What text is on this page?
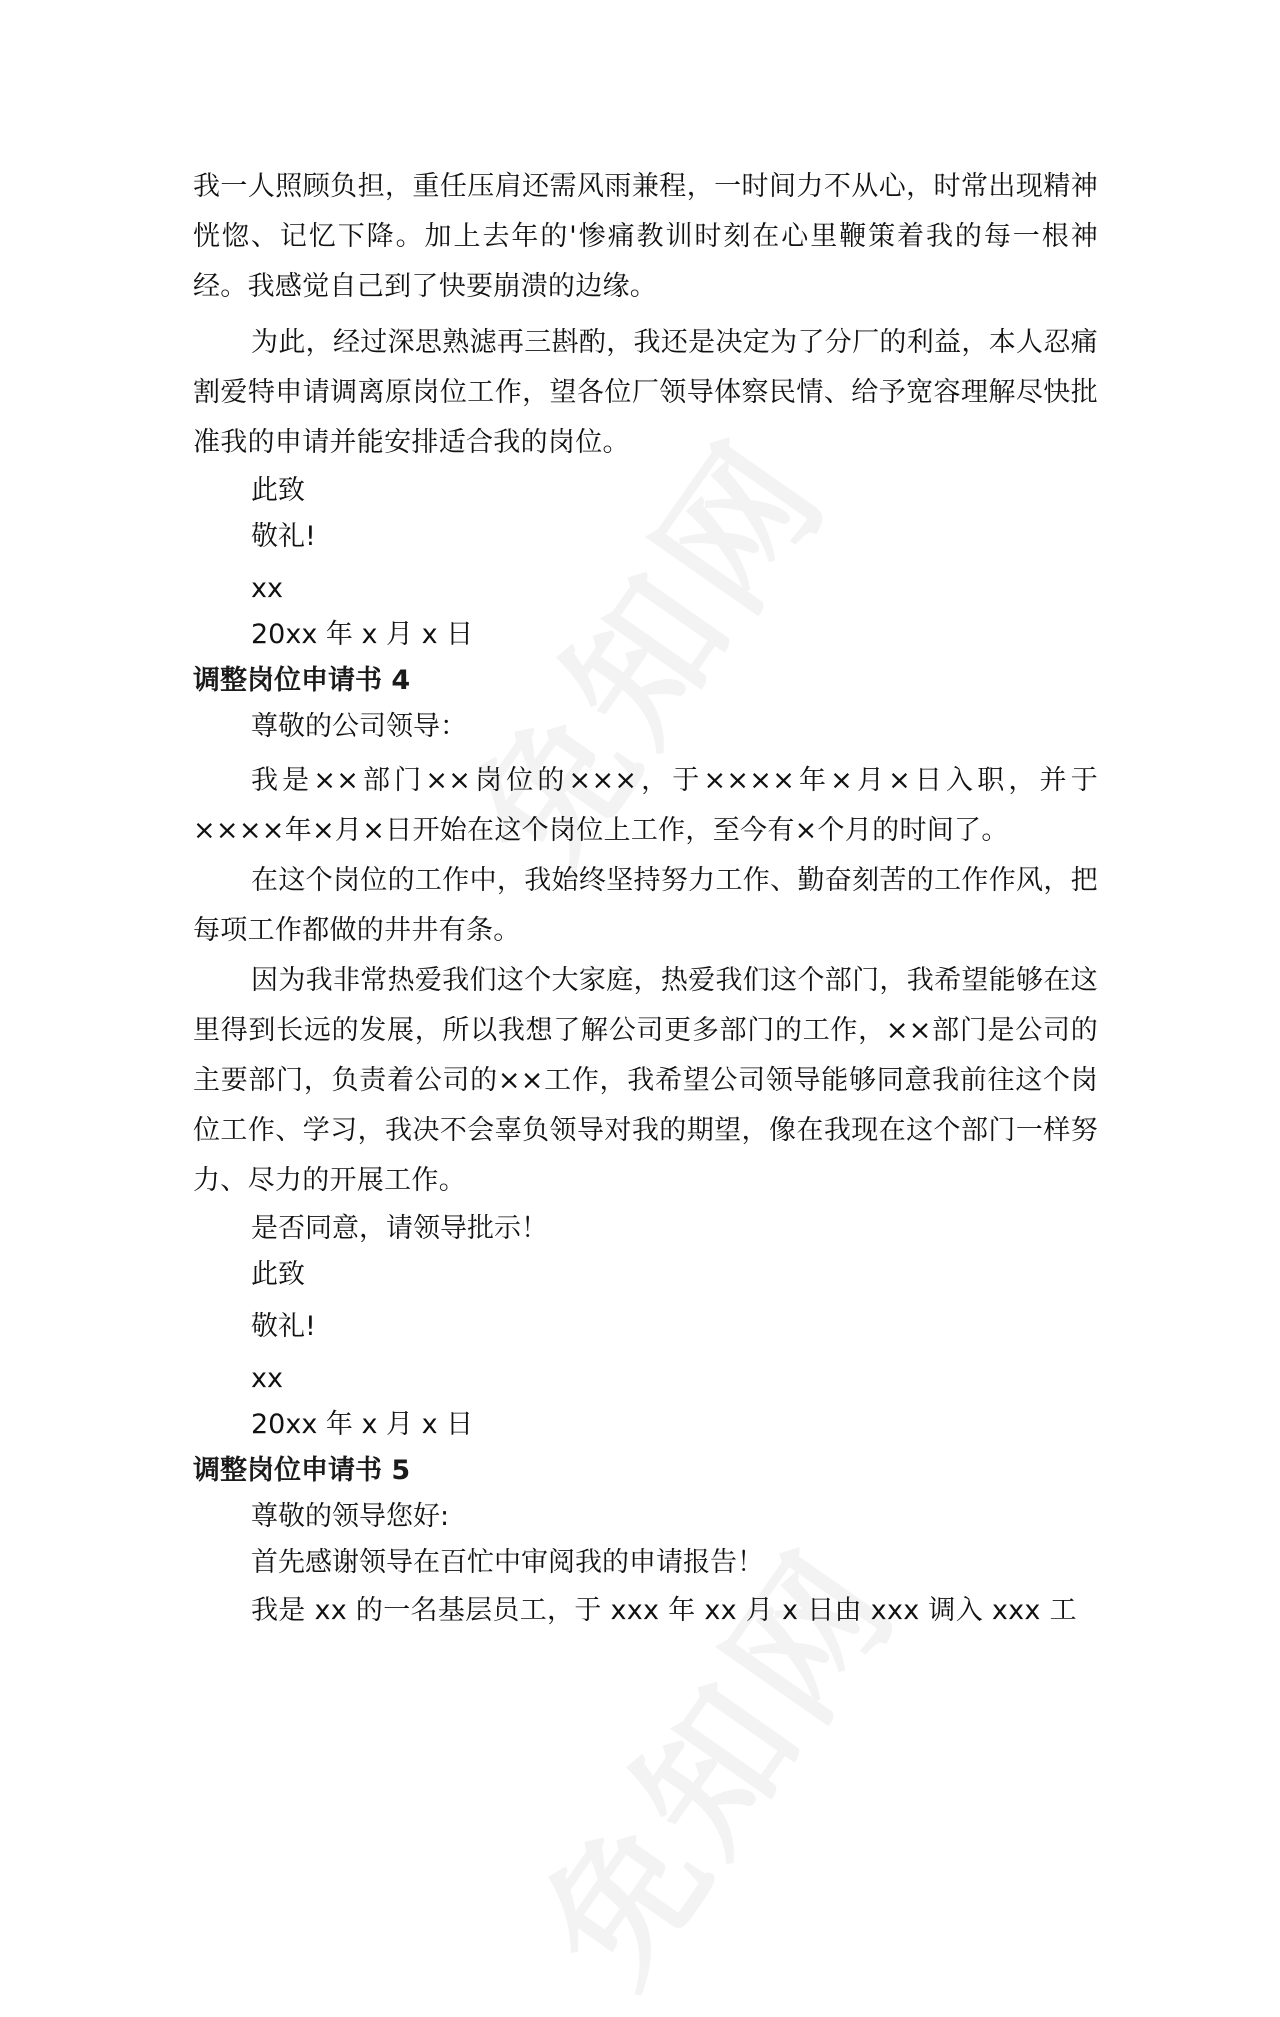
我一人照顾负担，重任压肩还需风雨兼程，一时间力不从心，时常出现精神恍惚、记忆下降。加上去年的'惨痛教训时刻在心里鞭策着我的每一根神经。我感觉自己到了快要崩溃的边缘。

为此，经过深思熟滤再三斟酌，我还是决定为了分厂的利益，本人忍痛割爱特申请调离原岗位工作，望各位厂领导体察民情、给予宽容理解尽快批准我的申请并能安排适合我的岗位。

此致

敬礼!

xx

20xx 年 x 月 x 日

调整岗位申请书 4

尊敬的公司领导：

我是××部门××岗位的×××，于××××年×月×日入职，并于××××年×月×日开始在这个岗位上工作，至今有×个月的时间了。

在这个岗位的工作中，我始终坚持努力工作、勤奋刻苦的工作作风，把每项工作都做的井井有条。

因为我非常热爱我们这个大家庭，热爱我们这个部门，我希望能够在这里得到长远的发展，所以我想了解公司更多部门的工作，××部门是公司的主要部门，负责着公司的××工作，我希望公司领导能够同意我前往这个岗位工作、学习，我决不会辜负领导对我的期望，像在我现在这个部门一样努力、尽力的开展工作。

是否同意，请领导批示！

此致

敬礼!

xx

20xx 年 x 月 x 日

调整岗位申请书 5

尊敬的领导您好:

首先感谢领导在百忙中审阅我的申请报告！

我是 xx 的一名基层员工，于 xxx 年 xx 月 x 日由 xxx 调入 xxx 工
